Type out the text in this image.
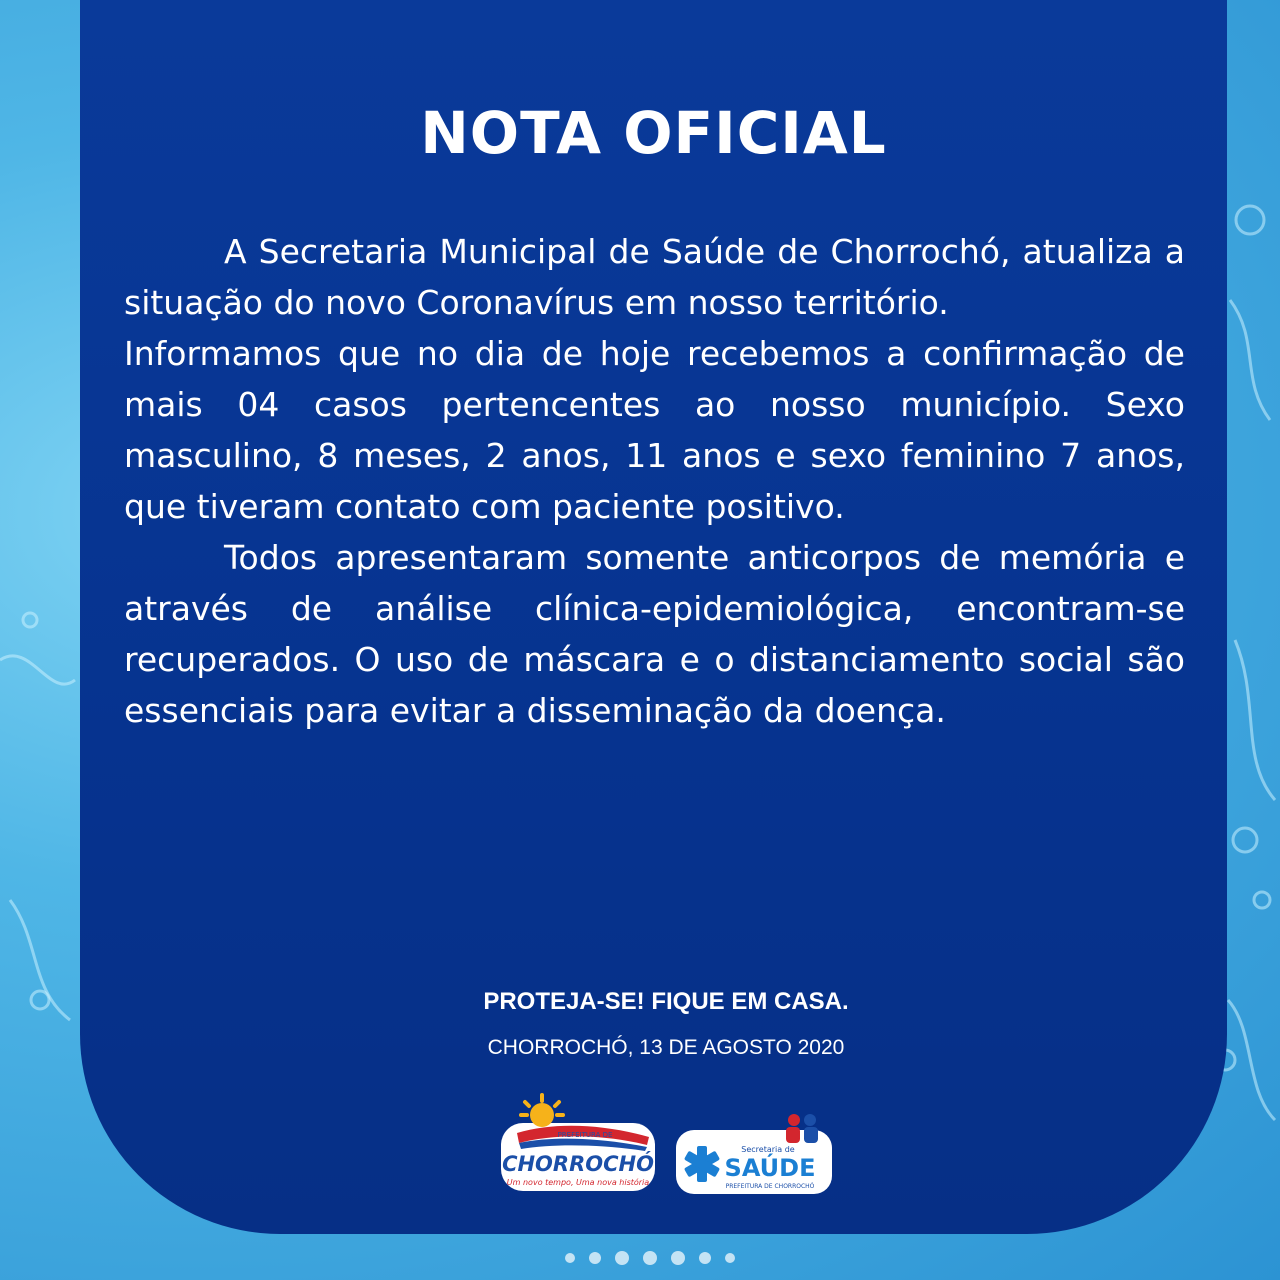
NOTA OFICIAL

A Secretaria Municipal de Saúde de Chorrochó, atualiza a situação do novo Coronavírus em nosso território.

Informamos que no dia de hoje recebemos a confirmação de mais 04 casos pertencentes ao nosso município. Sexo masculino, 8 meses, 2 anos, 11 anos e sexo feminino 7 anos, que tiveram contato com paciente positivo.

Todos apresentaram somente anticorpos de memória e através de análise clínica-epidemiológica, encontram-se recuperados. O uso de máscara e o distanciamento social são essenciais para evitar a disseminação da doença.

PROTEJA-SE! FIQUE EM CASA.
CHORROCHÓ, 13 DE AGOSTO 2020
PREFEITURA DE
CHORROCHÓ
Um novo tempo, Uma nova história
Secretaria de
SAÚDE
PREFEITURA DE CHORROCHÓ
